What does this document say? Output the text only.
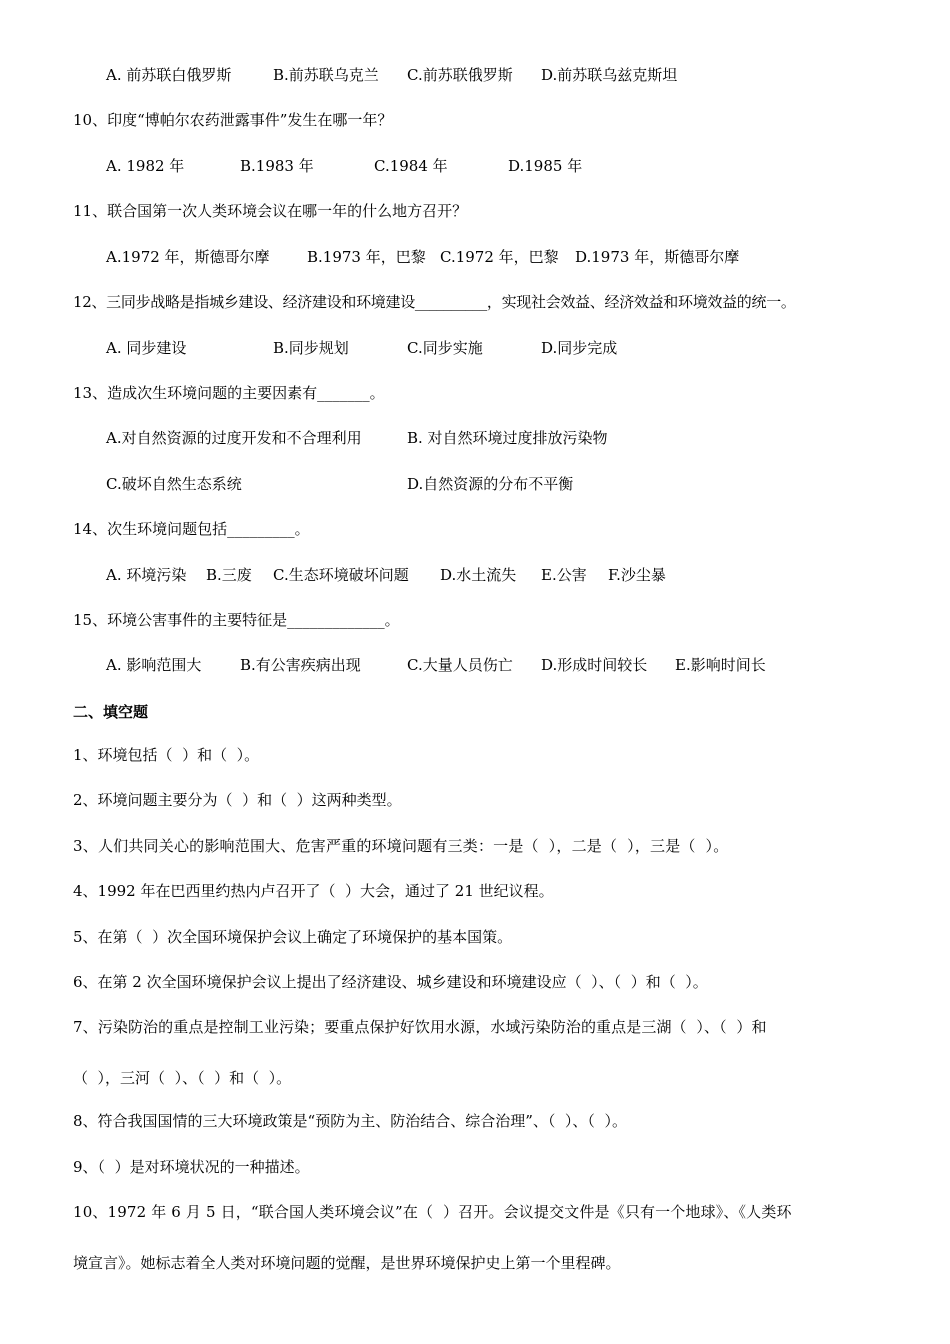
A. 前苏联白俄罗斯	B.前苏联乌克兰 C.前苏联俄罗斯 D.前苏联乌兹克斯坦
10、印度“博帕尔农药泄露事件”发生在哪一年？
A. 1982 年	B.1983 年	C.1984 年	D.1985 年
11、联合国第一次人类环境会议在哪一年的什么地方召开？
A.1972 年，斯德哥尔摩 B.1973 年，巴黎 C.1972 年，巴黎 D.1973 年，斯德哥尔摩
12、三同步战略是指城乡建设、经济建设和环境建设__________，实现社会效益、经济效益和环境效益的统一。
A. 同步建设	B.同步规划	C.同步实施	D.同步完成
13、造成次生环境问题的主要因素有_______。
A.对自然资源的过度开发和不合理利用	B. 对自然环境过度排放污染物
C.破坏自然生态系统	D.自然资源的分布不平衡
14、次生环境问题包括_________。
A. 环境污染 B.三废 C.生态环境破坏问题 D.水土流失 E.公害 F.沙尘暴
15、环境公害事件的主要特征是_____________。
A. 影响范围大	B.有公害疾病出现	C.大量人员伤亡 D.形成时间较长 E.影响时间长
二、填空题
1、环境包括（  ）和（  ）。
2、环境问题主要分为（  ）和（  ）这两种类型。
3、人们共同关心的影响范围大、危害严重的环境问题有三类：一是（  ），二是（  ），三是（  ）。
4、1992 年在巴西里约热内卢召开了（  ）大会，通过了 21 世纪议程。
5、在第（  ）次全国环境保护会议上确定了环境保护的基本国策。
6、在第 2 次全国环境保护会议上提出了经济建设、城乡建设和环境建设应（  ）、（  ）和（  ）。
7、污染防治的重点是控制工业污染；要重点保护好饮用水源，水域污染防治的重点是三湖（  ）、（  ）和
（  ），三河（  ）、（  ）和（  ）。
8、符合我国国情的三大环境政策是“预防为主、防治结合、综合治理”、（  ）、（  ）。
9、（  ）是对环境状况的一种描述。
10、1972 年 6 月 5 日，“联合国人类环境会议”在（  ）召开。会议提交文件是《只有一个地球》、《人类环
境宣言》。她标志着全人类对环境问题的觉醒，是世界环境保护史上第一个里程碑。
